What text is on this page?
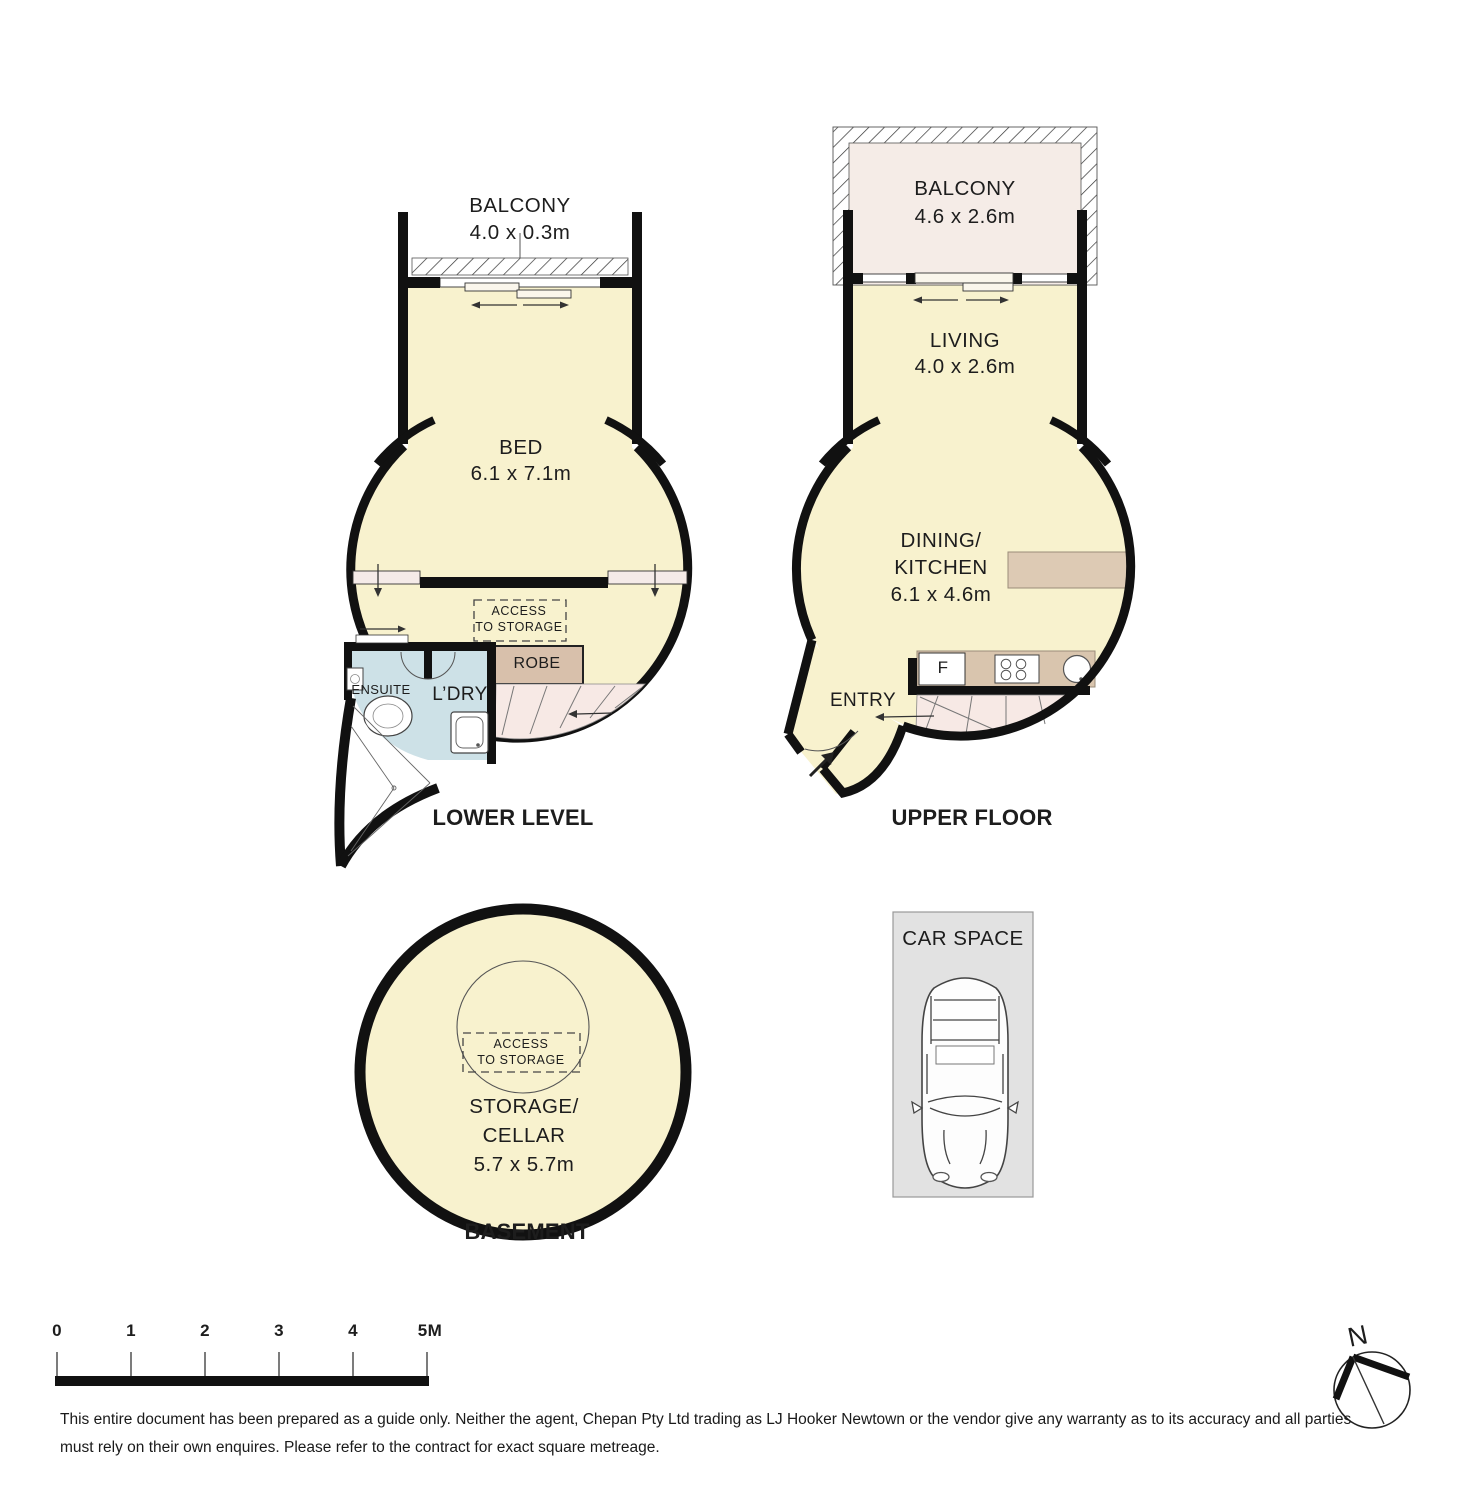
BALCONY
4.0 x 0.3m
BED
6.1 x 7.1m
ACCESS
TO STORAGE
ROBE
ENSUITE L’DRY
LOWER LEVEL
BALCONY
4.6 x 2.6m
LIVING
4.0 x 2.6m
DINING/
KITCHEN
6.1 x 4.6m
ENTRY
F
UPPER FLOOR
ACCESS
TO STORAGE
STORAGE/
CELLAR
5.7 x 5.7m
BASEMENT
CAR SPACE
0	1	2	3	4	5M	N
This entire document has been prepared as a guide only. Neither the agent, Chepan Pty Ltd trading as LJ Hooker Newtown or the vendor give any warranty as to its accuracy and all parties
must rely on their own enquires. Please refer to the contract for exact square metreage.
